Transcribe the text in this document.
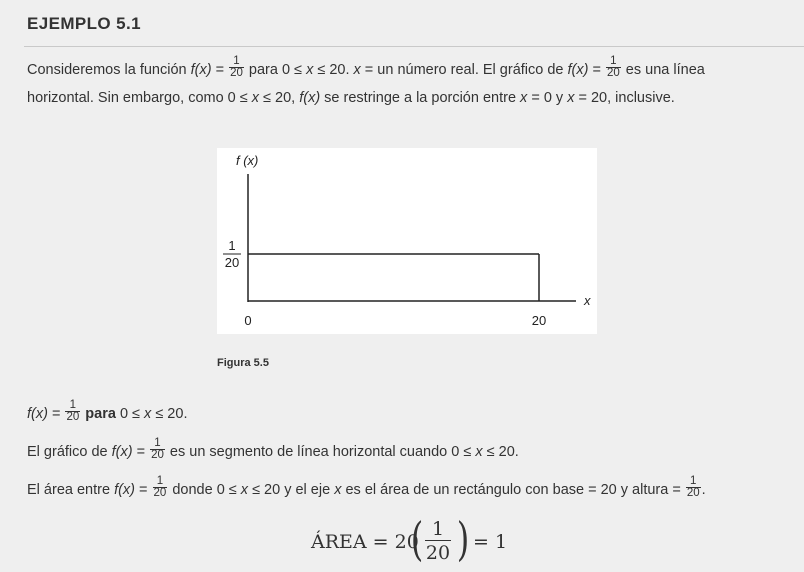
EJEMPLO 5.1
Consideremos la función $f(x) = \frac{1}{20}$ para 0 ≤ x ≤ 20. x = un número real. El gráfico de $f(x) = \frac{1}{20}$ es una línea
horizontal. Sin embargo, como 0 ≤ x ≤ 20, f(x) se restringe a la porción entre x = 0 y x = 20, inclusive.
f (x)
x
1
20
0	20
Figura 5.5
$f(x) = \frac{1}{20}$ para 0 ≤ x ≤ 20.
El gráfico de $f(x) = \frac{1}{20}$ es un segmento de línea horizontal cuando 0 ≤ x ≤ 20.
El área entre $f(x) = \frac{1}{20}$ donde 0 ≤ x ≤ 20 y el eje x es el área de un rectángulo con base = 20 y altura = $\frac{1}{20}$ .
ÁREA = 20
( $\frac{1}{20}$ ) = 1
